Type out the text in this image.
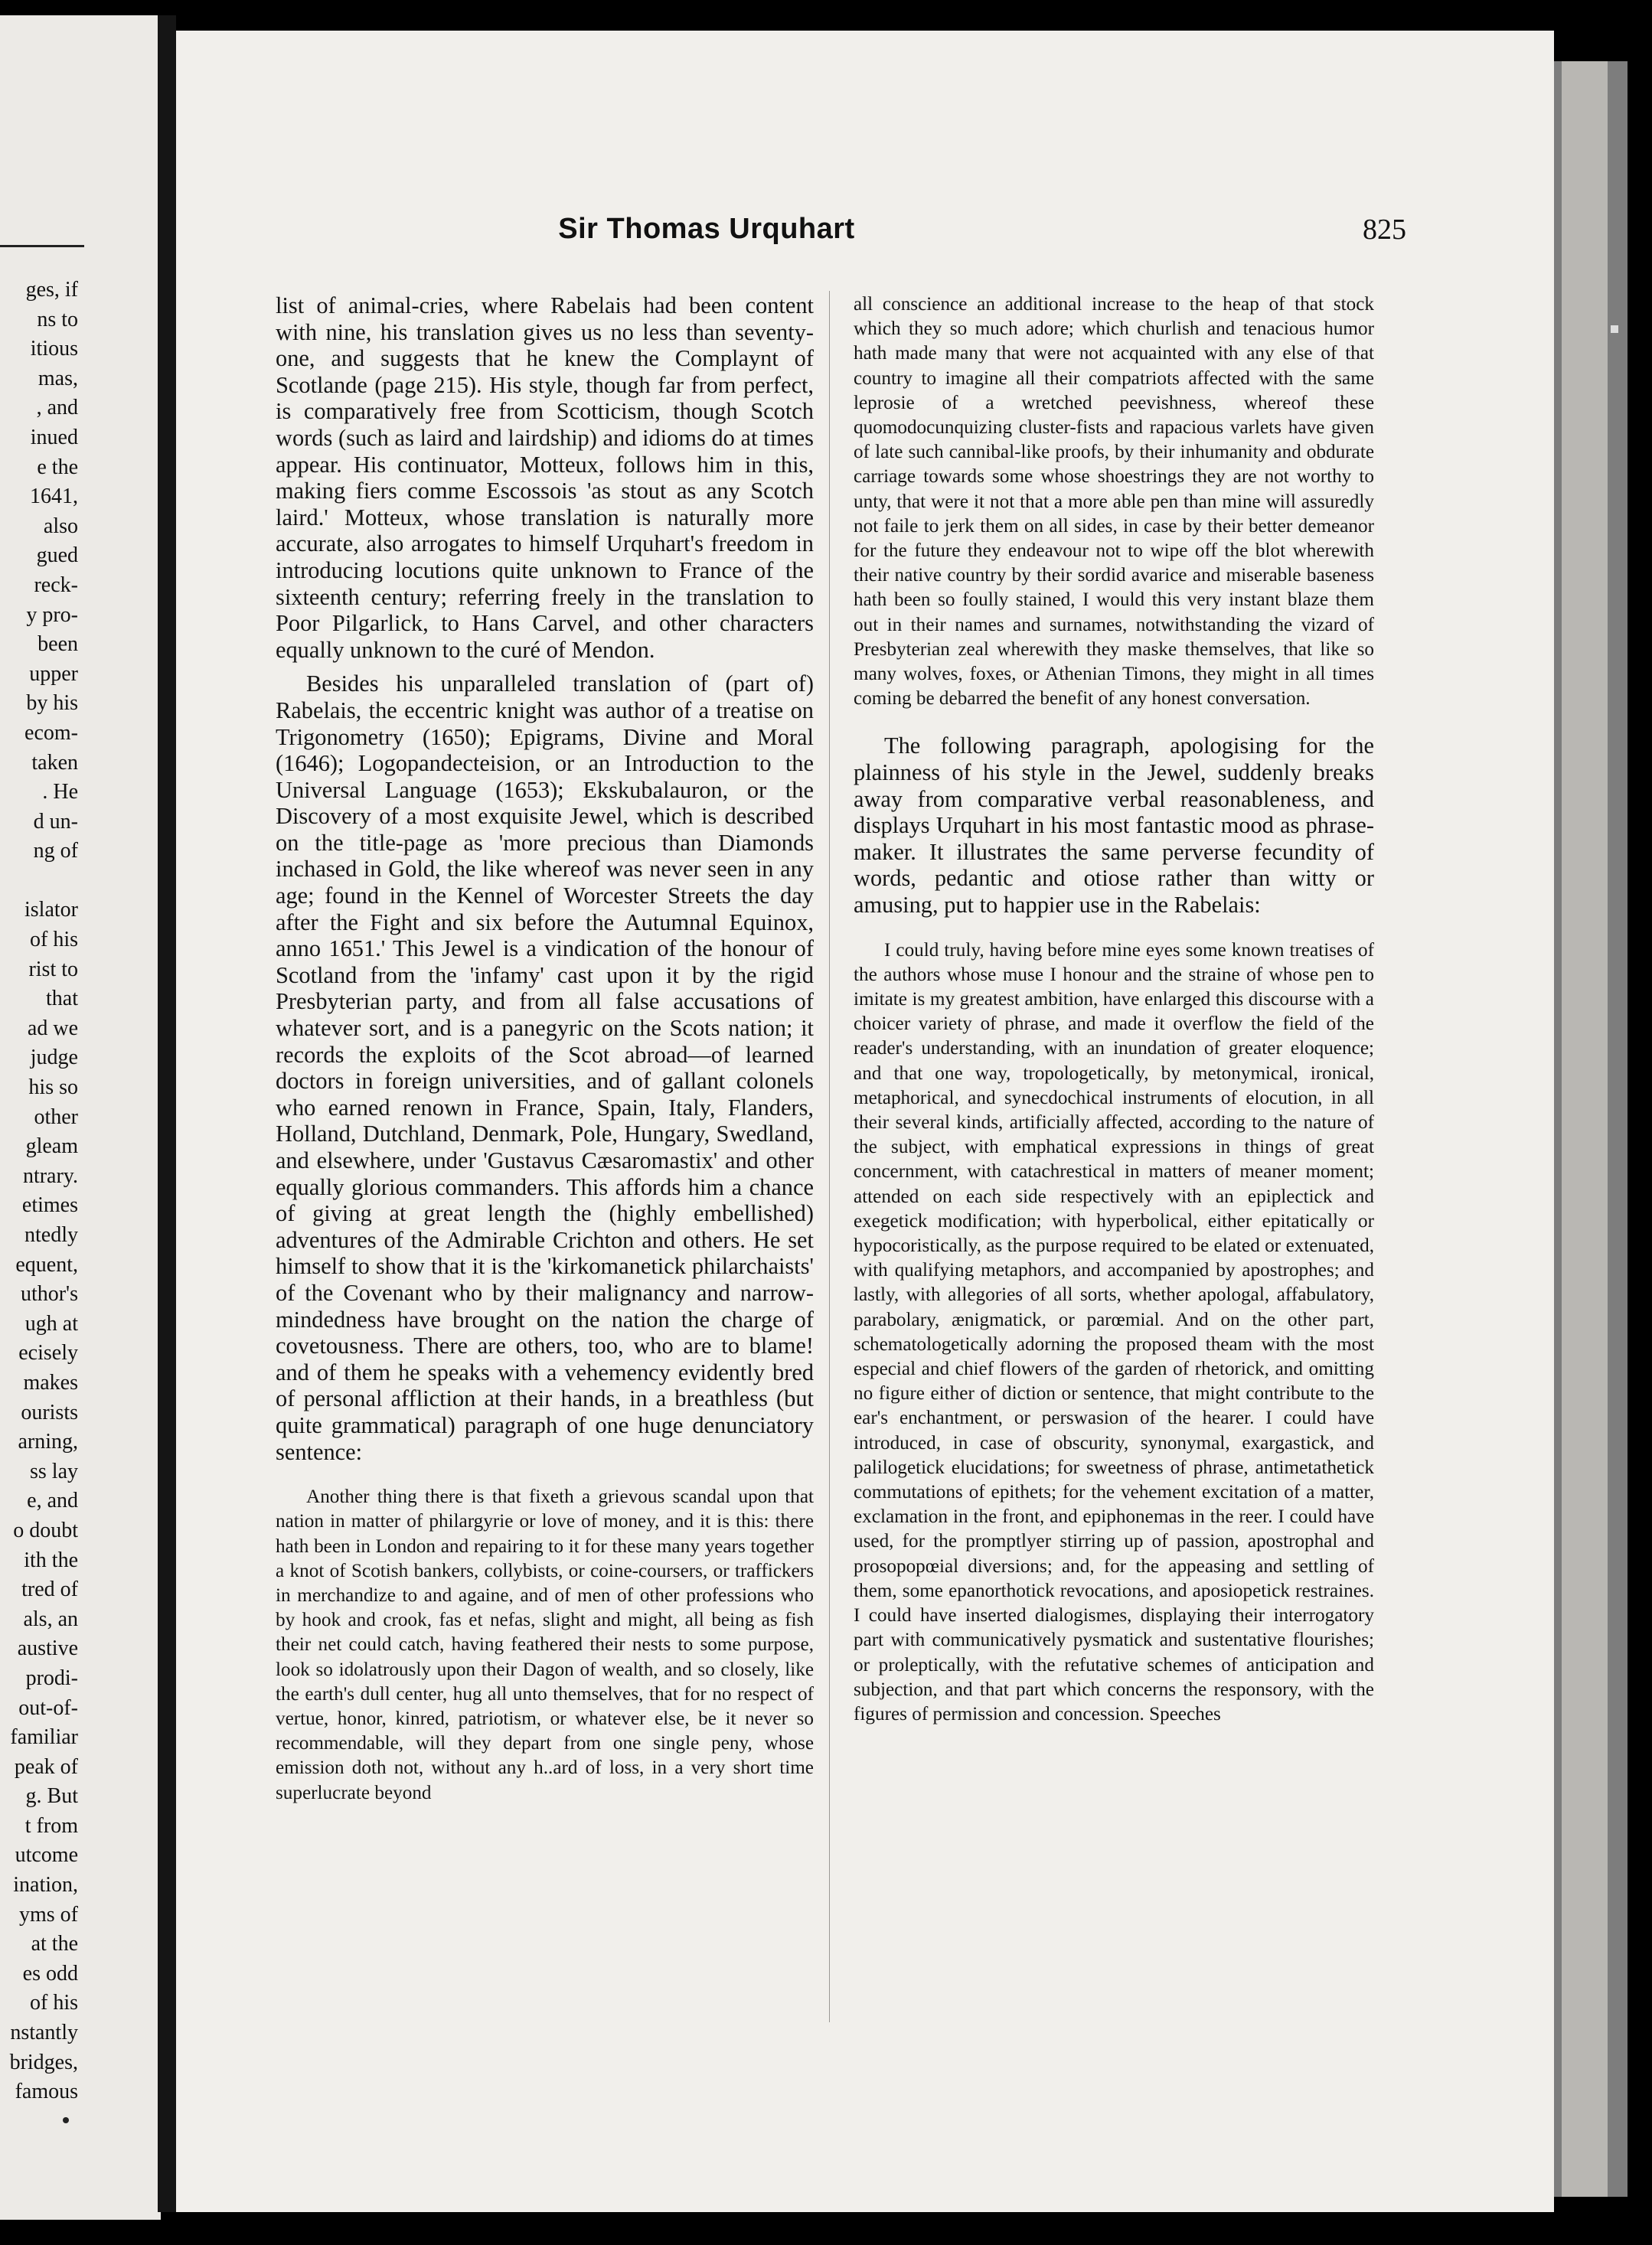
ges, if
ns to
itious
mas,
, and
inued
e the
1641,
also
gued
reck-
y pro-
been
upper
by his
ecom-
taken
. He
d un-
ng of

islator
of his
rist to
that
ad we
judge
his so
other
gleam
ntrary.
etimes
ntedly
equent,
uthor's
ugh at
ecisely
makes
ourists
arning,
ss lay
e, and
o doubt
ith the
tred of
als, an
austive
prodi-
out-of-
familiar
peak of
g. But
t from
utcome
ination,
yms of
at the
es odd
of his
nstantly
bridges,
famous
Sir Thomas Urquhart	825

list of animal-cries, where Rabelais had been content with nine, his translation gives us no less than seventy-one, and suggests that he knew the Complaynt of Scotlande (page 215). His style, though far from perfect, is comparatively free from Scotticism, though Scotch words (such as laird and lairdship) and idioms do at times appear. His continuator, Motteux, follows him in this, making fiers comme Escossois 'as stout as any Scotch laird.' Motteux, whose translation is naturally more accurate, also arrogates to himself Urquhart's freedom in introducing locutions quite unknown to France of the sixteenth century; referring freely in the translation to Poor Pilgarlick, to Hans Carvel, and other characters equally unknown to the curé of Mendon.

Besides his unparalleled translation of (part of) Rabelais, the eccentric knight was author of a treatise on Trigonometry (1650); Epigrams, Divine and Moral (1646); Logopandecteision, or an Introduction to the Universal Language (1653); Ekskubalauron, or the Discovery of a most exquisite Jewel, which is described on the title-page as 'more precious than Diamonds inchased in Gold, the like whereof was never seen in any age; found in the Kennel of Worcester Streets the day after the Fight and six before the Autumnal Equinox, anno 1651.' This Jewel is a vindication of the honour of Scotland from the 'infamy' cast upon it by the rigid Presbyterian party, and from all false accusations of whatever sort, and is a panegyric on the Scots nation; it records the exploits of the Scot abroad—of learned doctors in foreign universities, and of gallant colonels who earned renown in France, Spain, Italy, Flanders, Holland, Dutchland, Denmark, Pole, Hungary, Swedland, and elsewhere, under 'Gustavus Cæsaromastix' and other equally glorious commanders. This affords him a chance of giving at great length the (highly embellished) adventures of the Admirable Crichton and others. He set himself to show that it is the 'kirkomanetick philarchaists' of the Covenant who by their malignancy and narrow-mindedness have brought on the nation the charge of covetousness. There are others, too, who are to blame! and of them he speaks with a vehemency evidently bred of personal affliction at their hands, in a breathless (but quite grammatical) paragraph of one huge denunciatory sentence:

Another thing there is that fixeth a grievous scandal upon that nation in matter of philargyrie or love of money, and it is this: there hath been in London and repairing to it for these many years together a knot of Scotish bankers, collybists, or coine-coursers, or traffickers in merchandize to and againe, and of men of other professions who by hook and crook, fas et nefas, slight and might, all being as fish their net could catch, having feathered their nests to some purpose, look so idolatrously upon their Dagon of wealth, and so closely, like the earth's dull center, hug all unto themselves, that for no respect of vertue, honor, kinred, patriotism, or whatever else, be it never so recommendable, will they depart from one single peny, whose emission doth not, without any h..ard of loss, in a very short time superlucrate beyond

all conscience an additional increase to the heap of that stock which they so much adore; which churlish and tenacious humor hath made many that were not acquainted with any else of that country to imagine all their compatriots affected with the same leprosie of a wretched peevishness, whereof these quomodocunquizing cluster-fists and rapacious varlets have given of late such cannibal-like proofs, by their inhumanity and obdurate carriage towards some whose shoestrings they are not worthy to unty, that were it not that a more able pen than mine will assuredly not faile to jerk them on all sides, in case by their better demeanor for the future they endeavour not to wipe off the blot wherewith their native country by their sordid avarice and miserable baseness hath been so foully stained, I would this very instant blaze them out in their names and surnames, notwithstanding the vizard of Presbyterian zeal wherewith they maske themselves, that like so many wolves, foxes, or Athenian Timons, they might in all times coming be debarred the benefit of any honest conversation.

The following paragraph, apologising for the plainness of his style in the Jewel, suddenly breaks away from comparative verbal reasonableness, and displays Urquhart in his most fantastic mood as phrase-maker. It illustrates the same perverse fecundity of words, pedantic and otiose rather than witty or amusing, put to happier use in the Rabelais:

I could truly, having before mine eyes some known treatises of the authors whose muse I honour and the straine of whose pen to imitate is my greatest ambition, have enlarged this discourse with a choicer variety of phrase, and made it overflow the field of the reader's understanding, with an inundation of greater eloquence; and that one way, tropologetically, by metonymical, ironical, metaphorical, and synecdochical instruments of elocution, in all their several kinds, artificially affected, according to the nature of the subject, with emphatical expressions in things of great concernment, with catachrestical in matters of meaner moment; attended on each side respectively with an epiplectick and exegetick modification; with hyperbolical, either epitatically or hypocoristically, as the purpose required to be elated or extenuated, with qualifying metaphors, and accompanied by apostrophes; and lastly, with allegories of all sorts, whether apologal, affabulatory, parabolary, ænigmatick, or parœmial. And on the other part, schematologetically adorning the proposed theam with the most especial and chief flowers of the garden of rhetorick, and omitting no figure either of diction or sentence, that might contribute to the ear's enchantment, or perswasion of the hearer. I could have introduced, in case of obscurity, synonymal, exargastick, and palilogetick elucidations; for sweetness of phrase, antimetathetick commutations of epithets; for the vehement excitation of a matter, exclamation in the front, and epiphonemas in the reer. I could have used, for the promptlyer stirring up of passion, apostrophal and prosopopœial diversions; and, for the appeasing and settling of them, some epanorthotick revocations, and aposiopetick restraines. I could have inserted dialogismes, displaying their interrogatory part with communicatively pysmatick and sustentative flourishes; or proleptically, with the refutative schemes of anticipation and subjection, and that part which concerns the responsory, with the figures of permission and concession. Speeches
